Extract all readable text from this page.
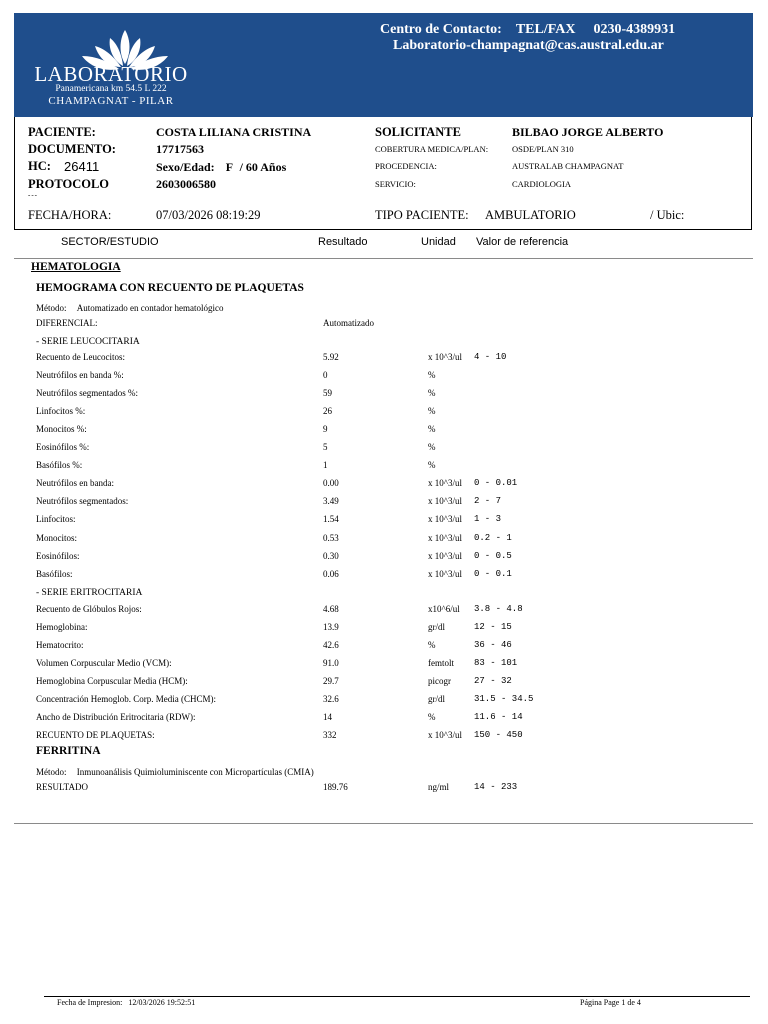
LABORATORIO
Panamericana km 54.5 L 222
CHAMPAGNAT - PILAR
Centro de Contacto: TEL/FAX 0230-4389931
Laboratorio-champagnat@cas.austral.edu.ar
PACIENTE:	COSTA LILIANA CRISTINA
DOCUMENTO:	17717563
HC: 26411	Sexo/Edad: F / 60 Años
PROTOCOLO	2603006580
---
SOLICITANTE	BILBAO JORGE ALBERTO
COBERTURA MEDICA/PLAN:	OSDE/PLAN 310
PROCEDENCIA:	AUSTRALAB CHAMPAGNAT
SERVICIO:	CARDIOLOGIA
FECHA/HORA:	07/03/2026 08:19:29	TIPO PACIENTE: AMBULATORIO	/ Ubic:
SECTOR/ESTUDIO	Resultado	Unidad Valor de referencia
HEMATOLOGIA
HEMOGRAMA CON RECUENTO DE PLAQUETAS
Método: Automatizado en contador hematológico
DIFERENCIAL:	Automatizado
- SERIE LEUCOCITARIA
Recuento de Leucocitos:	5.92	x 10^3/ul 4 - 10
Neutrófilos en banda %:	0	%
Neutrófilos segmentados %:	59	%
Linfocitos %:	26	%
Monocitos %:	9	%
Eosinófilos %:	5	%
Basófilos %:	1	%
Neutrófilos en banda:	0.00	x 10^3/ul 0 - 0.01
Neutrófilos segmentados:	3.49	x 10^3/ul 2 - 7
Linfocitos:	1.54	x 10^3/ul 1 - 3
Monocitos:	0.53	x 10^3/ul 0.2 - 1
Eosinófilos:	0.30	x 10^3/ul 0 - 0.5
Basófilos:	0.06	x 10^3/ul 0 - 0.1
- SERIE ERITROCITARIA
Recuento de Glóbulos Rojos:	4.68	x10^6/ul 3.8 - 4.8
Hemoglobina:	13.9	gr/dl	12 - 15
Hematocrito:	42.6	%	36 - 46
Volumen Corpuscular Medio (VCM):	91.0	femtolt 83 - 101
Hemoglobina Corpuscular Media (HCM):	29.7	picogr	27 - 32
Concentración Hemoglob. Corp. Media (CHCM):	32.6	gr/dl	31.5 - 34.5
Ancho de Distribución Eritrocitaria (RDW):	14	%	11.6 - 14
RECUENTO DE PLAQUETAS:	332	x 10^3/ul 150 - 450
FERRITINA
Método: Inmunoanálisis Quimioluminiscente con Micropartículas (CMIA)
RESULTADO	189.76	ng/ml	14 - 233
Fecha de Impresion: 12/03/2026 19:52:51	Página Page 1 de 4
